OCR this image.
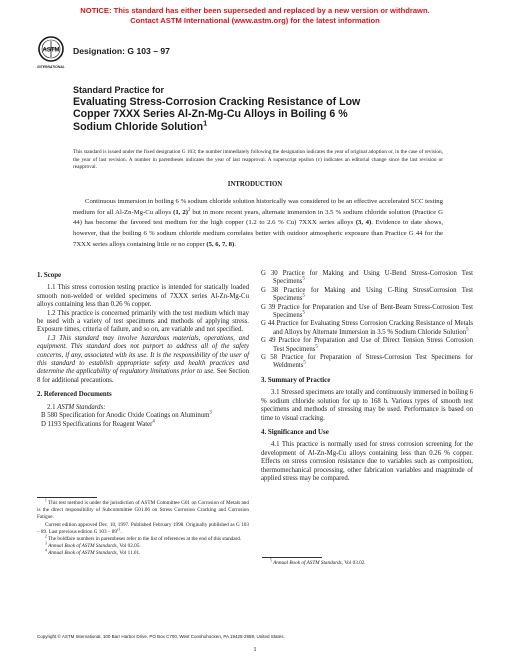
NOTICE: This standard has either been superseded and replaced by a new version or withdrawn.
Contact ASTM International (www.astm.org) for the latest information
ASTM
INTERNATIONAL
Designation: G 103 – 97
Standard Practice for
Evaluating Stress-Corrosion Cracking Resistance of Low
Copper 7XXX Series Al-Zn-Mg-Cu Alloys in Boiling 6 %
Sodium Chloride Solution$^1$
This standard is issued under the fixed designation G 103; the number immediately following the designation indicates the year of original adoption or, in the case of revision, the year of last revision. A number in parentheses indicates the year of last reapproval. A superscript epsilon (ε) indicates an editorial change since the last revision or reapproval.
INTRODUCTION
Continuous immersion in boiling 6 % sodium chloride solution historically was considered to be an effective accelerated SCC testing medium for all Al-Zn-Mg-Cu alloys (1, 2)$^2$ but in more recent years, alternate immersion in 3.5 % sodium chloride solution (Practice G 44) has become the favored test medium for the high copper (1.2 to 2.6 % Cu) 7XXX series alloys (3, 4). Evidence to date shows, however, that the boiling 6 % sodium chloride medium correlates better with outdoor atmospheric exposure than Practice G 44 for the 7XXX series alloys containing little or no copper (5, 6, 7, 8).
1. Scope

1.1 This stress corrosion testing practice is intended for statically loaded smooth non-welded or welded specimens of 7XXX series Al-Zn-Mg-Cu alloys containing less than 0.26 % copper.

1.2 This practice is concerned primarily with the test medium which may be used with a variety of test specimens and methods of applying stress. Exposure times, criteria of failure, and so on, are variable and not specified.

1.3 This standard may involve hazardous materials, operations, and equipment. This standard does not purport to address all of the safety concerns, if any, associated with its use. It is the responsibility of the user of this standard to establish appropriate safety and health practices and determine the applicability of regulatory limitations prior to use. See Section 8 for additional precautions.

2. Referenced Documents

2.1 ASTM Standards:

B 580 Specification for Anodic Oxide Coatings on Aluminum$^3$

D 1193 Specifications for Reagent Water$^4$

G 30 Practice for Making and Using U-Bend Stress-Corrosion Test Specimens$^5$

G 38 Practice for Making and Using C-Ring StressCorrosion Test Specimens$^5$

G 39 Practice for Preparation and Use of Bent-Beam Stress-Corrosion Test Specimens$^5$

G 44 Practice for Evaluating Stress Corrosion Cracking Resistance of Metals and Alloys by Alternate Immersion in 3.5 % Sodium Chloride Solution$^5$

G 49 Practice for Preparation and Use of Direct Tension Stress Corrosion Test Specimens$^5$

G 58 Practice for Preparation of Stress-Corrosion Test Specimens for Weldments$^5$

3. Summary of Practice

3.1 Stressed specimens are totally and continuously immersed in boiling 6 % sodium chloride solution for up to 168 h. Various types of smooth test specimens and methods of stressing may be used. Performance is based on time to visual cracking.

4. Significance and Use

4.1 This practice is normally used for stress corrosion screening for the development of Al-Zn-Mg-Cu alloys containing less than 0.26 % copper. Effects on stress corrosion resistance due to variables such as composition, thermomechanical processing, other fabrication variables and magnitude of applied stress may be compared.

$^1$ This test method is under the jurisdiction of ASTM Committee G01 on Corrosion of Metals and is the direct responsibility of Subcommittee G01.06 on Stress Corrosion Cracking and Corrosion Fatigue.

Current edition approved Dec. 10, 1997. Published February 1998. Originally published as G 103 – 89. Last previous edition G $103 - 89^{\varepsilon 1}$.

$^2$ The boldface numbers in parentheses refer to the list of references at the end of this standard.

$^3$ Annual Book of ASTM Standards, Vol 02.05.

$^4$ Annual Book of ASTM Standards, Vol 11.01.

$^5$ Annual Book of ASTM Standards, Vol 03.02.

Copyright © ASTM International, 100 Barr Harbor Drive, PO Box C700, West Conshohocken, PA 19428-2959, United States.
1
